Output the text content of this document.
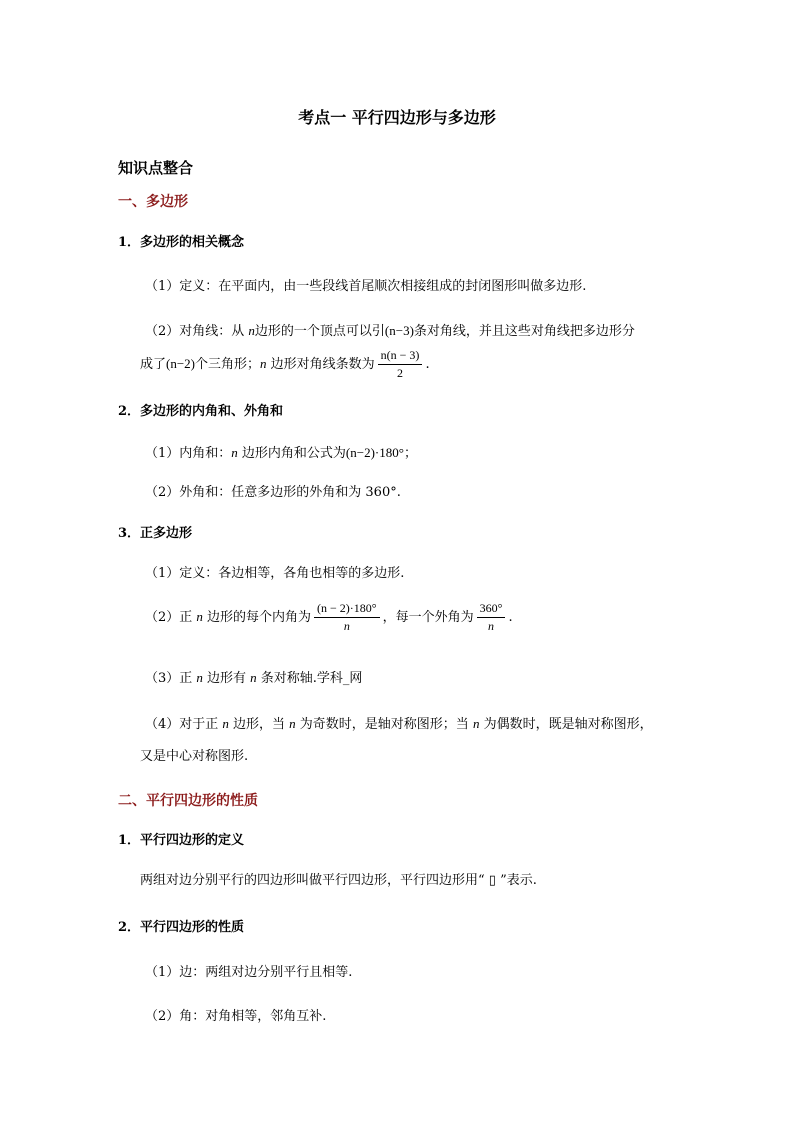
考点一 平行四边形与多边形
知识点整合
一、多边形
1．多边形的相关概念
（1）定义：在平面内，由一些段线首尾顺次相接组成的封闭图形叫做多边形.
（2）对角线：从 n边形的一个顶点可以引(n−3)条对角线，并且这些对角线把多边形分
成了(n−2)个三角形；n 边形对角线条数为 $\frac{n(n - 3)}{2}$ .
2．多边形的内角和、外角和
（1）内角和：n 边形内角和公式为(n−2)·180°；
（2）外角和：任意多边形的外角和为 360°.
3．正多边形
（1）定义：各边相等，各角也相等的多边形.
（2）正 n 边形的每个内角为 $\frac{(n - 2)\cdot 180^\circ}{n}$ ，每一个外角为 $\frac{360^\circ}{n}$ .
（3）正 n 边形有 n 条对称轴.学科_网
（4）对于正 n 边形，当 n 为奇数时，是轴对称图形；当 n 为偶数时，既是轴对称图形，
又是中心对称图形.
二、平行四边形的性质
1．平行四边形的定义
两组对边分别平行的四边形叫做平行四边形，平行四边形用“ ▯ ”表示.
2．平行四边形的性质
（1）边：两组对边分别平行且相等.
（2）角：对角相等，邻角互补.
